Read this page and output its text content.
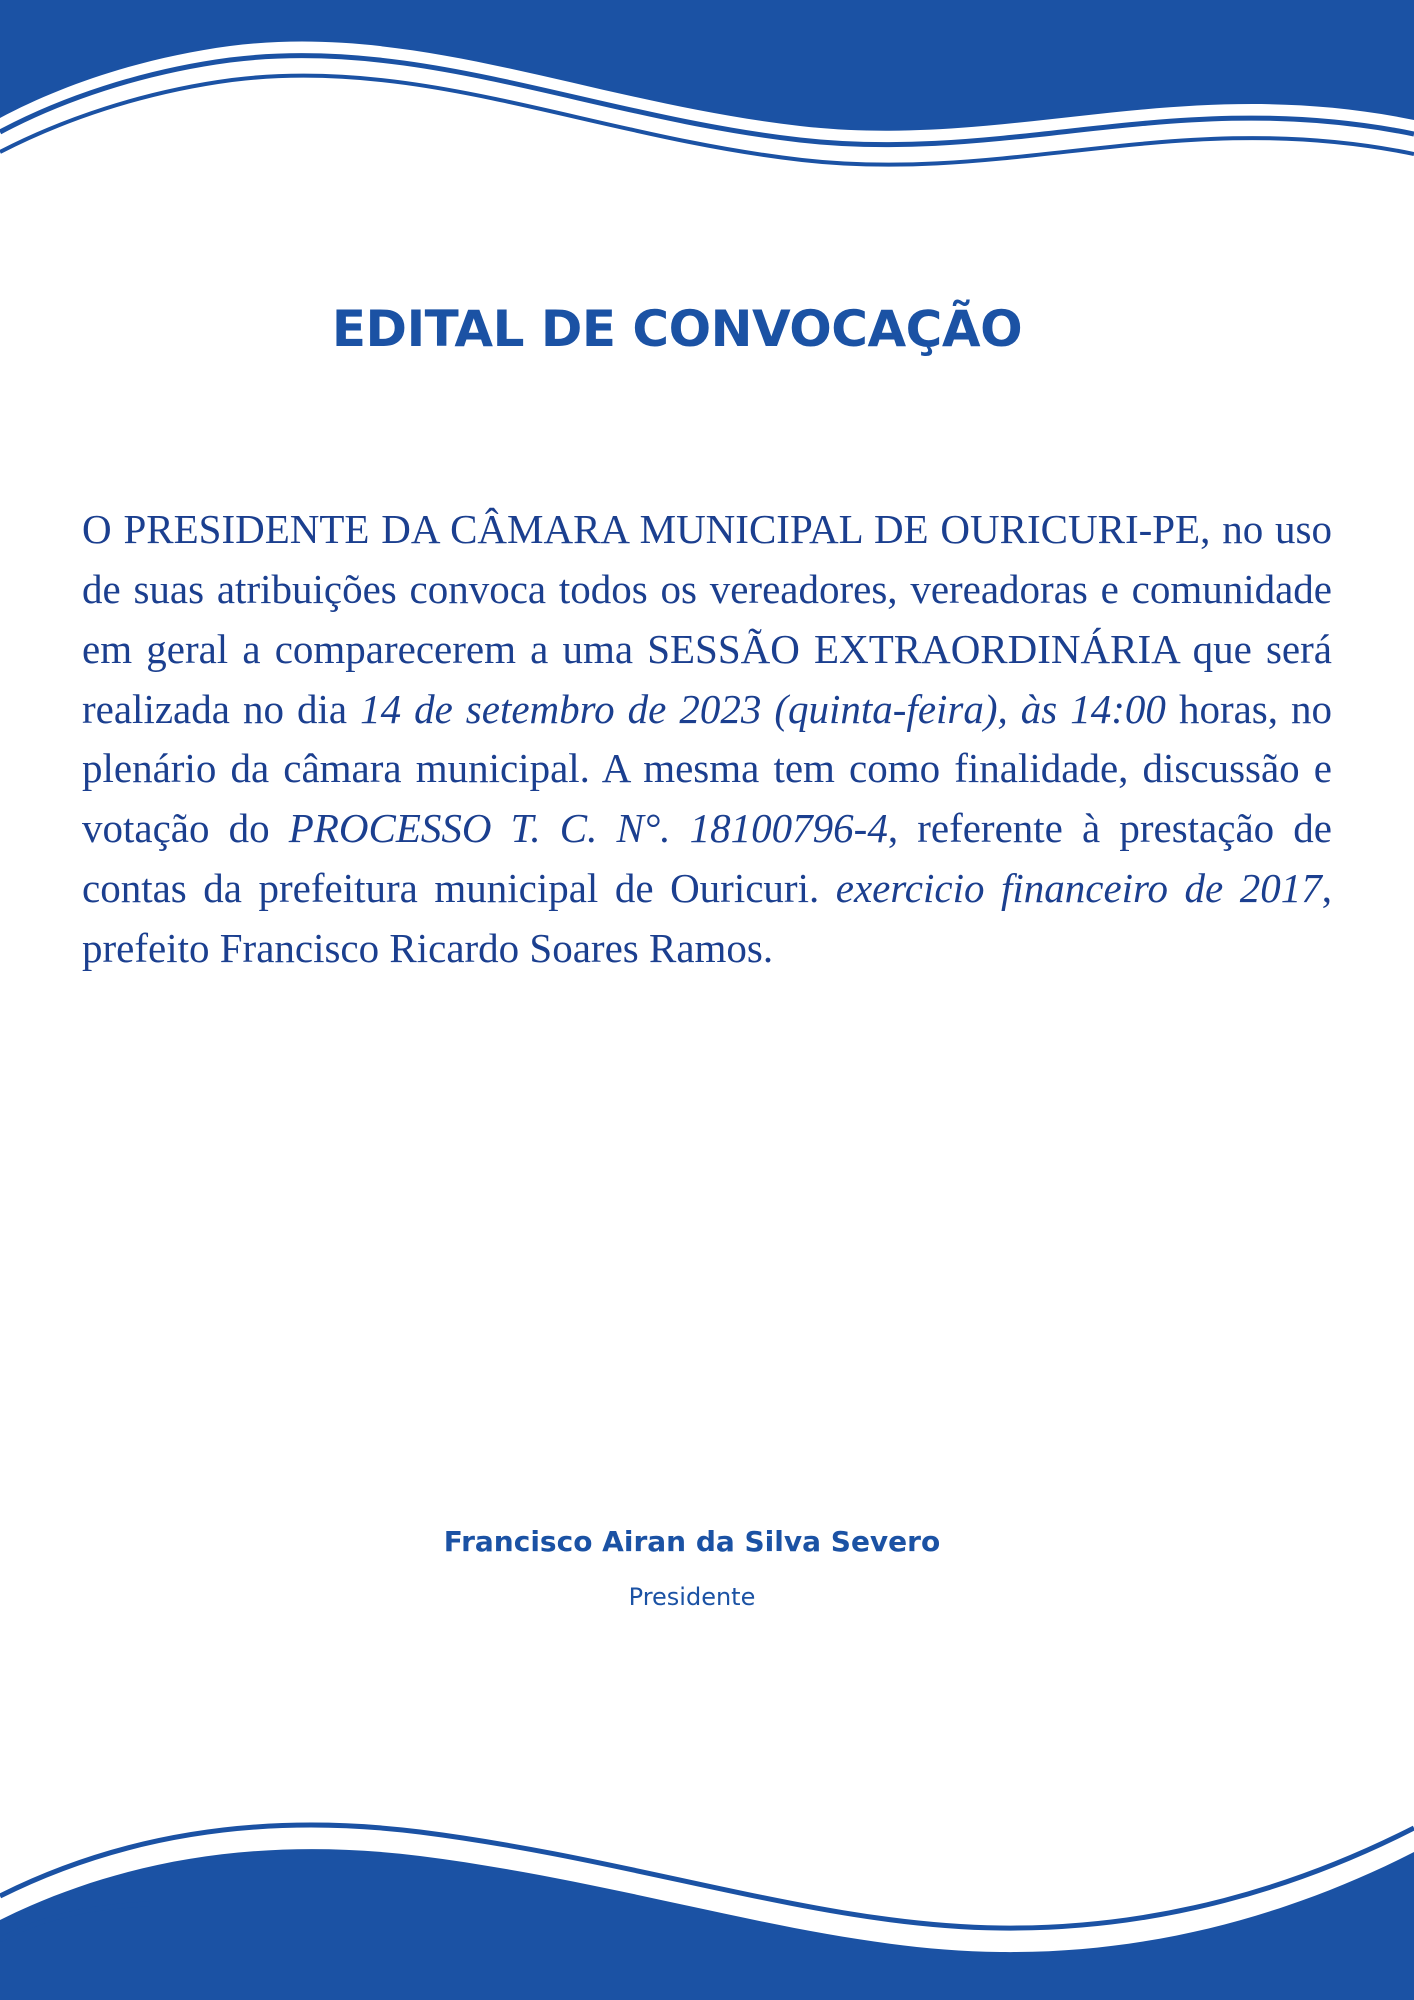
EDITAL DE CONVOCAÇÃO
O PRESIDENTE DA CÂMARA MUNICIPAL DE OURICURI-PE, no uso de suas atribuições convoca todos os vereadores, vereadoras e comunidade em geral a comparecerem a uma SESSÃO EXTRAORDINÁRIA que será realizada no dia 14 de setembro de 2023 (quinta-feira), às 14:00 horas, no plenário da câmara municipal. A mesma tem como finalidade, discussão e votação do PROCESSO T. C. N°. 18100796-4, referente à prestação de contas da prefeitura municipal de Ouricuri. exercicio financeiro de 2017, prefeito Francisco Ricardo Soares Ramos.
Francisco Airan da Silva Severo
Presidente
